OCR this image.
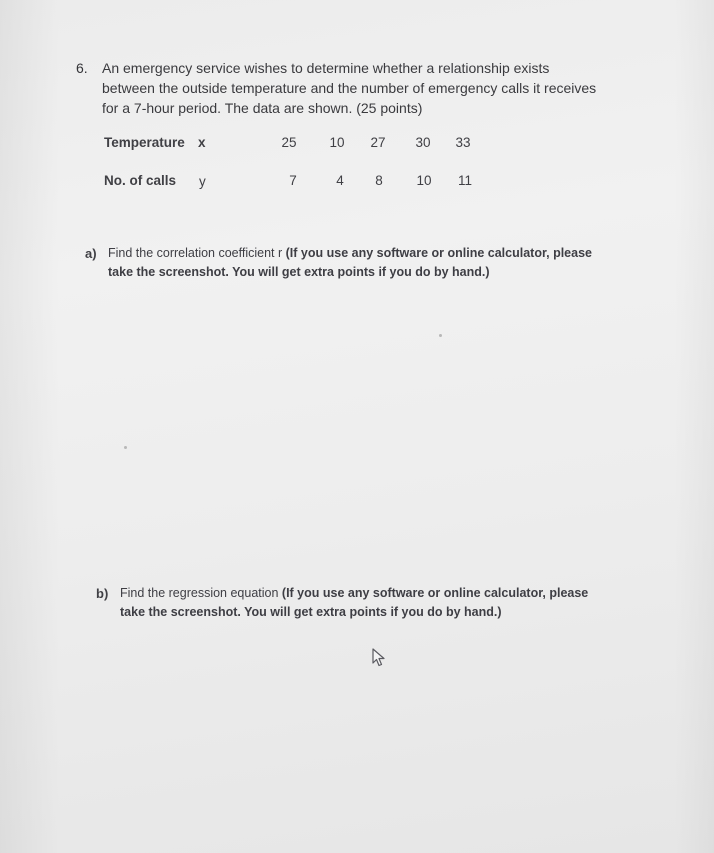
6. An emergency service wishes to determine whether a relationship exists
between the outside temperature and the number of emergency calls it receives
for a 7-hour period. The data are shown. (25 points)
Temperature x	25	10	27	30	33
No. of calls y	7	4	8	10	11
a) Find the correlation coefficient r (If you use any software or online calculator, please
take the screenshot. You will get extra points if you do by hand.)
b) Find the regression equation (If you use any software or online calculator, please
take the screenshot. You will get extra points if you do by hand.)
